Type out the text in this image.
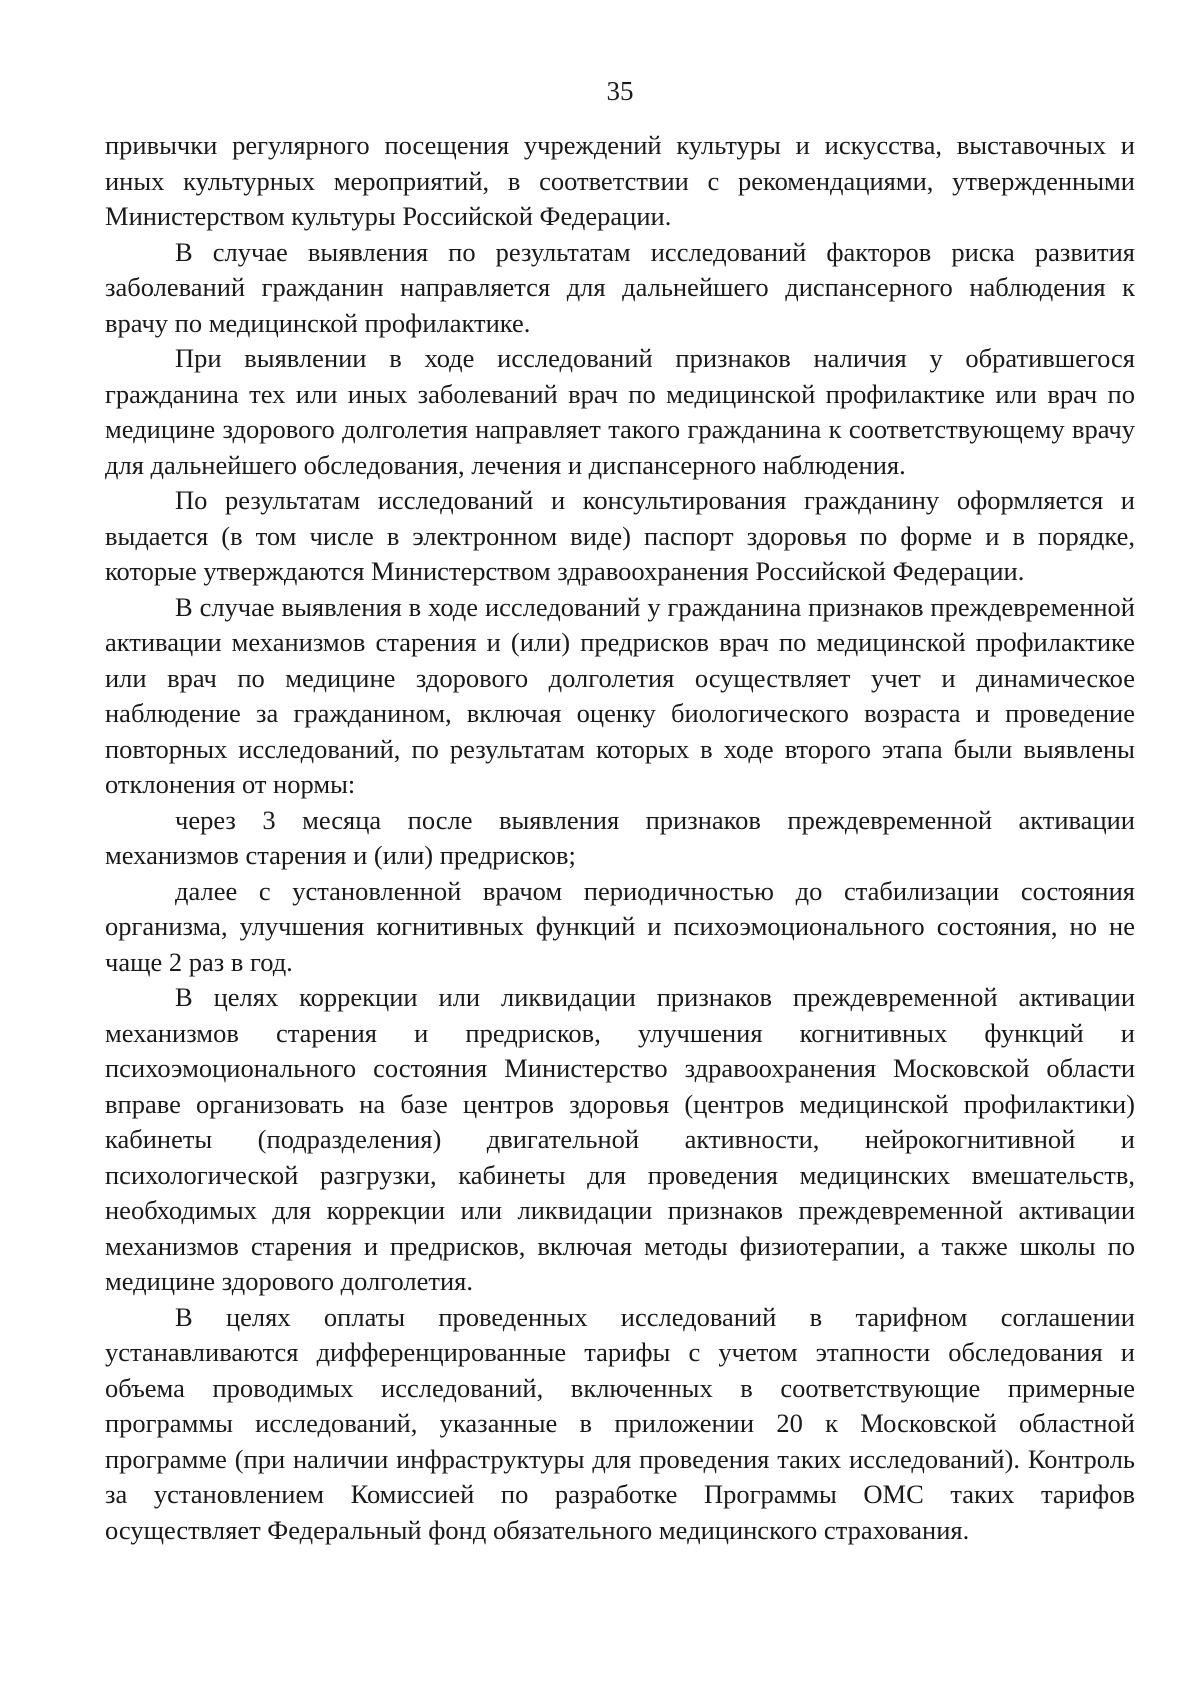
35

привычки регулярного посещения учреждений культуры и искусства, выставочных и иных культурных мероприятий, в соответствии с рекомендациями, утвержденными Министерством культуры Российской Федерации.

В случае выявления по результатам исследований факторов риска развития заболеваний гражданин направляется для дальнейшего диспансерного наблюдения к врачу по медицинской профилактике.

При выявлении в ходе исследований признаков наличия у обратившегося гражданина тех или иных заболеваний врач по медицинской профилактике или врач по медицине здорового долголетия направляет такого гражданина к соответствующему врачу для дальнейшего обследования, лечения и диспансерного наблюдения.

По результатам исследований и консультирования гражданину оформляется и выдается (в том числе в электронном виде) паспорт здоровья по форме и в порядке, которые утверждаются Министерством здравоохранения Российской Федерации.

В случае выявления в ходе исследований у гражданина признаков преждевременной активации механизмов старения и (или) предрисков врач по медицинской профилактике или врач по медицине здорового долголетия осуществляет учет и динамическое наблюдение за гражданином, включая оценку биологического возраста и проведение повторных исследований, по результатам которых в ходе второго этапа были выявлены отклонения от нормы:

через 3 месяца после выявления признаков преждевременной активации механизмов старения и (или) предрисков;

далее с установленной врачом периодичностью до стабилизации состояния организма, улучшения когнитивных функций и психоэмоционального состояния, но не чаще 2 раз в год.

В целях коррекции или ликвидации признаков преждевременной активации механизмов старения и предрисков, улучшения когнитивных функций и психоэмоционального состояния Министерство здравоохранения Московской области вправе организовать на базе центров здоровья (центров медицинской профилактики) кабинеты (подразделения) двигательной активности, нейрокогнитивной и психологической разгрузки, кабинеты для проведения медицинских вмешательств, необходимых для коррекции или ликвидации признаков преждевременной активации механизмов старения и предрисков, включая методы физиотерапии, а также школы по медицине здорового долголетия.

В целях оплаты проведенных исследований в тарифном соглашении устанавливаются дифференцированные тарифы с учетом этапности обследования и объема проводимых исследований, включенных в соответствующие примерные программы исследований, указанные в приложении 20 к Московской областной программе (при наличии инфраструктуры для проведения таких исследований). Контроль за установлением Комиссией по разработке Программы ОМС таких тарифов осуществляет Федеральный фонд обязательного медицинского страхования.
